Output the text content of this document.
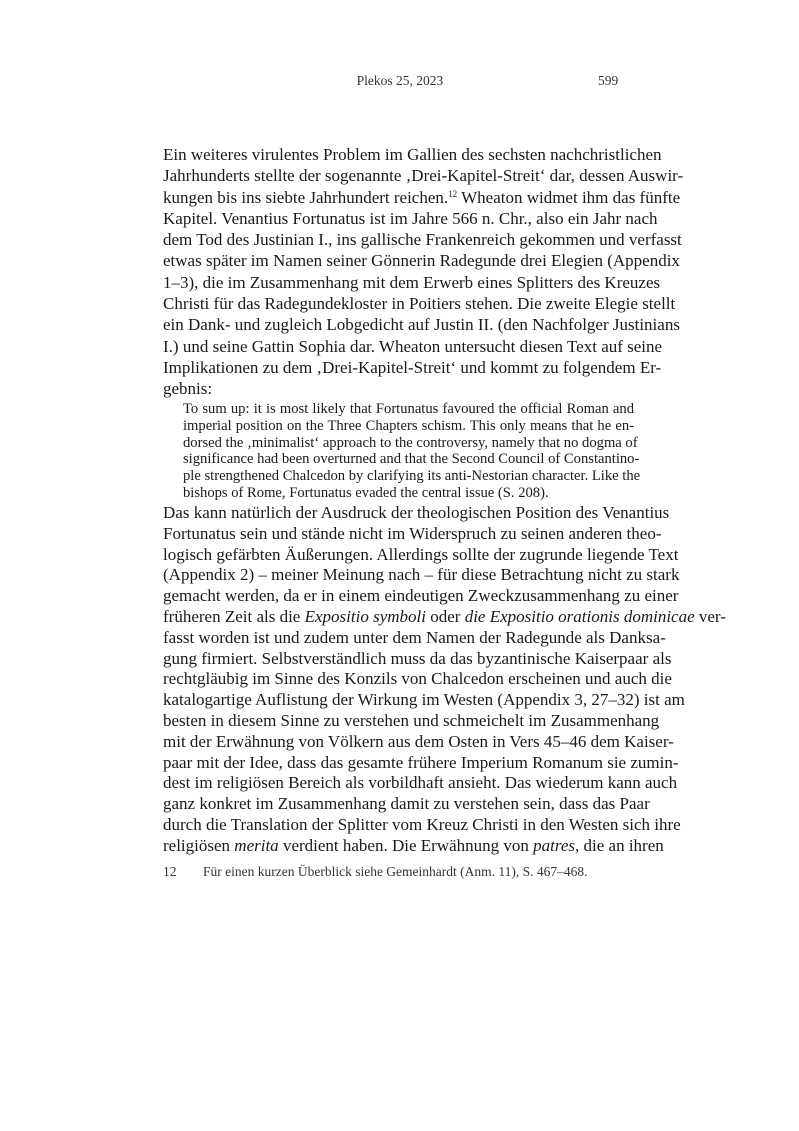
Plekos 25, 2023	599
Ein weiteres virulentes Problem im Gallien des sechsten nachchristlichen
Jahrhunderts stellte der sogenannte ‚Drei-Kapitel-Streit‘ dar, dessen Auswir-
kungen bis ins siebte Jahrhundert reichen.$^{12}$ Wheaton widmet ihm das fünfte
Kapitel. Venantius Fortunatus ist im Jahre 566 n. Chr., also ein Jahr nach
dem Tod des Justinian I., ins gallische Frankenreich gekommen und verfasst
etwas später im Namen seiner Gönnerin Radegunde drei Elegien (Appendix
1–3), die im Zusammenhang mit dem Erwerb eines Splitters des Kreuzes
Christi für das Radegundekloster in Poitiers stehen. Die zweite Elegie stellt
ein Dank- und zugleich Lobgedicht auf Justin II. (den Nachfolger Justinians
I.) und seine Gattin Sophia dar. Wheaton untersucht diesen Text auf seine
Implikationen zu dem ‚Drei-Kapitel-Streit‘ und kommt zu folgendem Er-
gebnis:
To sum up: it is most likely that Fortunatus favoured the official Roman and
imperial position on the Three Chapters schism. This only means that he en-
dorsed the ‚minimalist‘ approach to the controversy, namely that no dogma of
significance had been overturned and that the Second Council of Constantino-
ple strengthened Chalcedon by clarifying its anti-Nestorian character. Like the
bishops of Rome, Fortunatus evaded the central issue (S. 208).
Das kann natürlich der Ausdruck der theologischen Position des Venantius
Fortunatus sein und stände nicht im Widerspruch zu seinen anderen theo-
logisch gefärbten Äußerungen. Allerdings sollte der zugrunde liegende Text
(Appendix 2) – meiner Meinung nach – für diese Betrachtung nicht zu stark
gemacht werden, da er in einem eindeutigen Zweckzusammenhang zu einer
früheren Zeit als die Expositio symboli oder die Expositio orationis dominicae ver-
fasst worden ist und zudem unter dem Namen der Radegunde als Danksa-
gung firmiert. Selbstverständlich muss da das byzantinische Kaiserpaar als
rechtgläubig im Sinne des Konzils von Chalcedon erscheinen und auch die
katalogartige Auflistung der Wirkung im Westen (Appendix 3, 27–32) ist am
besten in diesem Sinne zu verstehen und schmeichelt im Zusammenhang
mit der Erwähnung von Völkern aus dem Osten in Vers 45–46 dem Kaiser-
paar mit der Idee, dass das gesamte frühere Imperium Romanum sie zumin-
dest im religiösen Bereich als vorbildhaft ansieht. Das wiederum kann auch
ganz konkret im Zusammenhang damit zu verstehen sein, dass das Paar
durch die Translation der Splitter vom Kreuz Christi in den Westen sich ihre
religiösen merita verdient haben. Die Erwähnung von patres, die an ihren
12 Für einen kurzen Überblick siehe Gemeinhardt (Anm. 11), S. 467–468.
